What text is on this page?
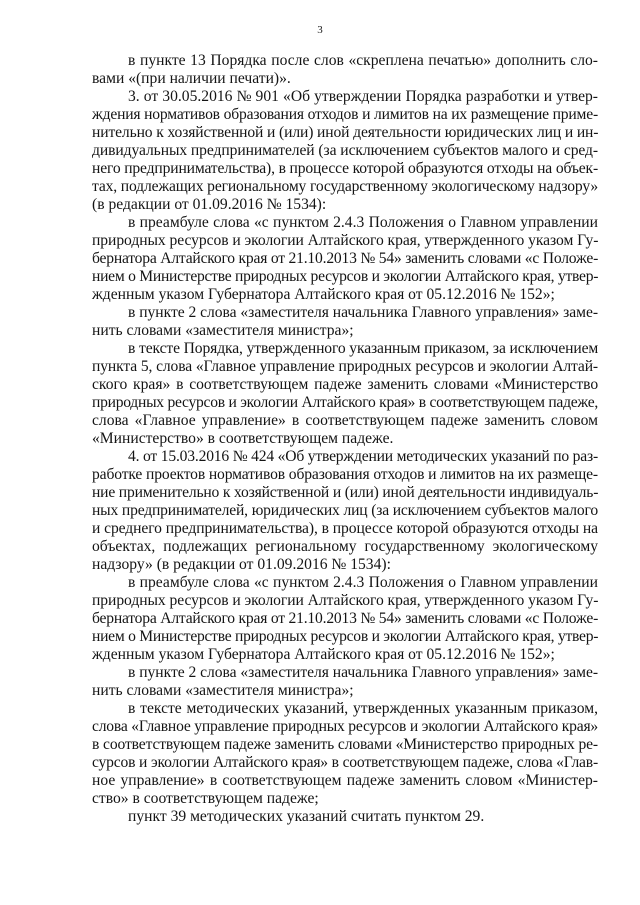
3
в пункте 13 Порядка после слов «скреплена печатью» дополнить сло-
вами «(при наличии печати)».
3. от 30.05.2016 № 901 «Об утверждении Порядка разработки и утвер-
ждения нормативов образования отходов и лимитов на их размещение приме-
нительно к хозяйственной и (или) иной деятельности юридических лиц и ин-
дивидуальных предпринимателей (за исключением субъектов малого и сред-
него предпринимательства), в процессе которой образуются отходы на объек-
тах, подлежащих региональному государственному экологическому надзору»
(в редакции от 01.09.2016 № 1534):
в преамбуле слова «с пунктом 2.4.3 Положения о Главном управлении
природных ресурсов и экологии Алтайского края, утвержденного указом Гу-
бернатора Алтайского края от 21.10.2013 № 54» заменить словами «с Положе-
нием о Министерстве природных ресурсов и экологии Алтайского края, утвер-
жденным указом Губернатора Алтайского края от 05.12.2016 № 152»;
в пункте 2 слова «заместителя начальника Главного управления» заме-
нить словами «заместителя министра»;
в тексте Порядка, утвержденного указанным приказом, за исключением
пункта 5, слова «Главное управление природных ресурсов и экологии Алтай-
ского края» в соответствующем падеже заменить словами «Министерство
природных ресурсов и экологии Алтайского края» в соответствующем падеже,
слова «Главное управление» в соответствующем падеже заменить словом
«Министерство» в соответствующем падеже.
4. от 15.03.2016 № 424 «Об утверждении методических указаний по раз-
работке проектов нормативов образования отходов и лимитов на их размеще-
ние применительно к хозяйственной и (или) иной деятельности индивидуаль-
ных предпринимателей, юридических лиц (за исключением субъектов малого
и среднего предпринимательства), в процессе которой образуются отходы на
объектах, подлежащих региональному государственному экологическому
надзору» (в редакции от 01.09.2016 № 1534):
в преамбуле слова «с пунктом 2.4.3 Положения о Главном управлении
природных ресурсов и экологии Алтайского края, утвержденного указом Гу-
бернатора Алтайского края от 21.10.2013 № 54» заменить словами «с Положе-
нием о Министерстве природных ресурсов и экологии Алтайского края, утвер-
жденным указом Губернатора Алтайского края от 05.12.2016 № 152»;
в пункте 2 слова «заместителя начальника Главного управления» заме-
нить словами «заместителя министра»;
в тексте методических указаний, утвержденных указанным приказом,
слова «Главное управление природных ресурсов и экологии Алтайского края»
в соответствующем падеже заменить словами «Министерство природных ре-
сурсов и экологии Алтайского края» в соответствующем падеже, слова «Глав-
ное управление» в соответствующем падеже заменить словом «Министер-
ство» в соответствующем падеже;
пункт 39 методических указаний считать пунктом 29.
